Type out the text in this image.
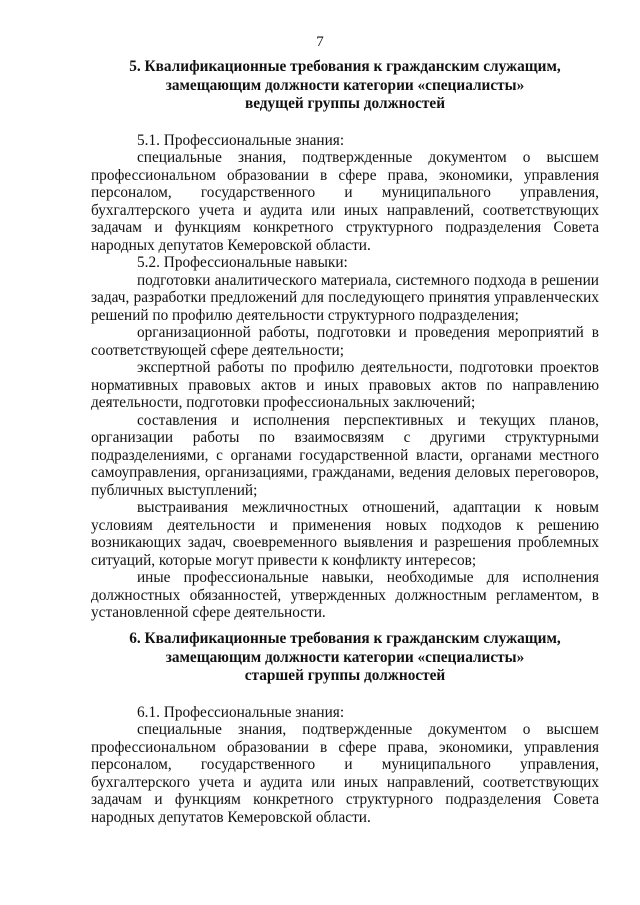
7
5. Квалификационные требования к гражданским служащим,
замещающим должности категории «специалисты»
ведущей группы должностей

5.1. Профессиональные знания:

специальные знания, подтвержденные документом о высшем профессиональном образовании в сфере права, экономики, управления персоналом, государственного и муниципального управления, бухгалтерского учета и аудита или иных направлений, соответствующих задачам и функциям конкретного структурного подразделения Совета народных депутатов Кемеровской области.

5.2. Профессиональные навыки:

подготовки аналитического материала, системного подхода в решении задач, разработки предложений для последующего принятия управленческих решений по профилю деятельности структурного подразделения;

организационной работы, подготовки и проведения мероприятий в соответствующей сфере деятельности;

экспертной работы по профилю деятельности, подготовки проектов нормативных правовых актов и иных правовых актов по направлению деятельности, подготовки профессиональных заключений;

составления и исполнения перспективных и текущих планов, организации работы по взаимосвязям с другими структурными подразделениями, с органами государственной власти, органами местного самоуправления, организациями, гражданами, ведения деловых переговоров, публичных выступлений;

выстраивания межличностных отношений, адаптации к новым условиям деятельности и применения новых подходов к решению возникающих задач, своевременного выявления и разрешения проблемных ситуаций, которые могут привести к конфликту интересов;

иные профессиональные навыки, необходимые для исполнения должностных обязанностей, утвержденных должностным регламентом, в установленной сфере деятельности.

6. Квалификационные требования к гражданским служащим,
замещающим должности категории «специалисты»
старшей группы должностей

6.1. Профессиональные знания:

специальные знания, подтвержденные документом о высшем профессиональном образовании в сфере права, экономики, управления персоналом, государственного и муниципального управления, бухгалтерского учета и аудита или иных направлений, соответствующих задачам и функциям конкретного структурного подразделения Совета народных депутатов Кемеровской области.
